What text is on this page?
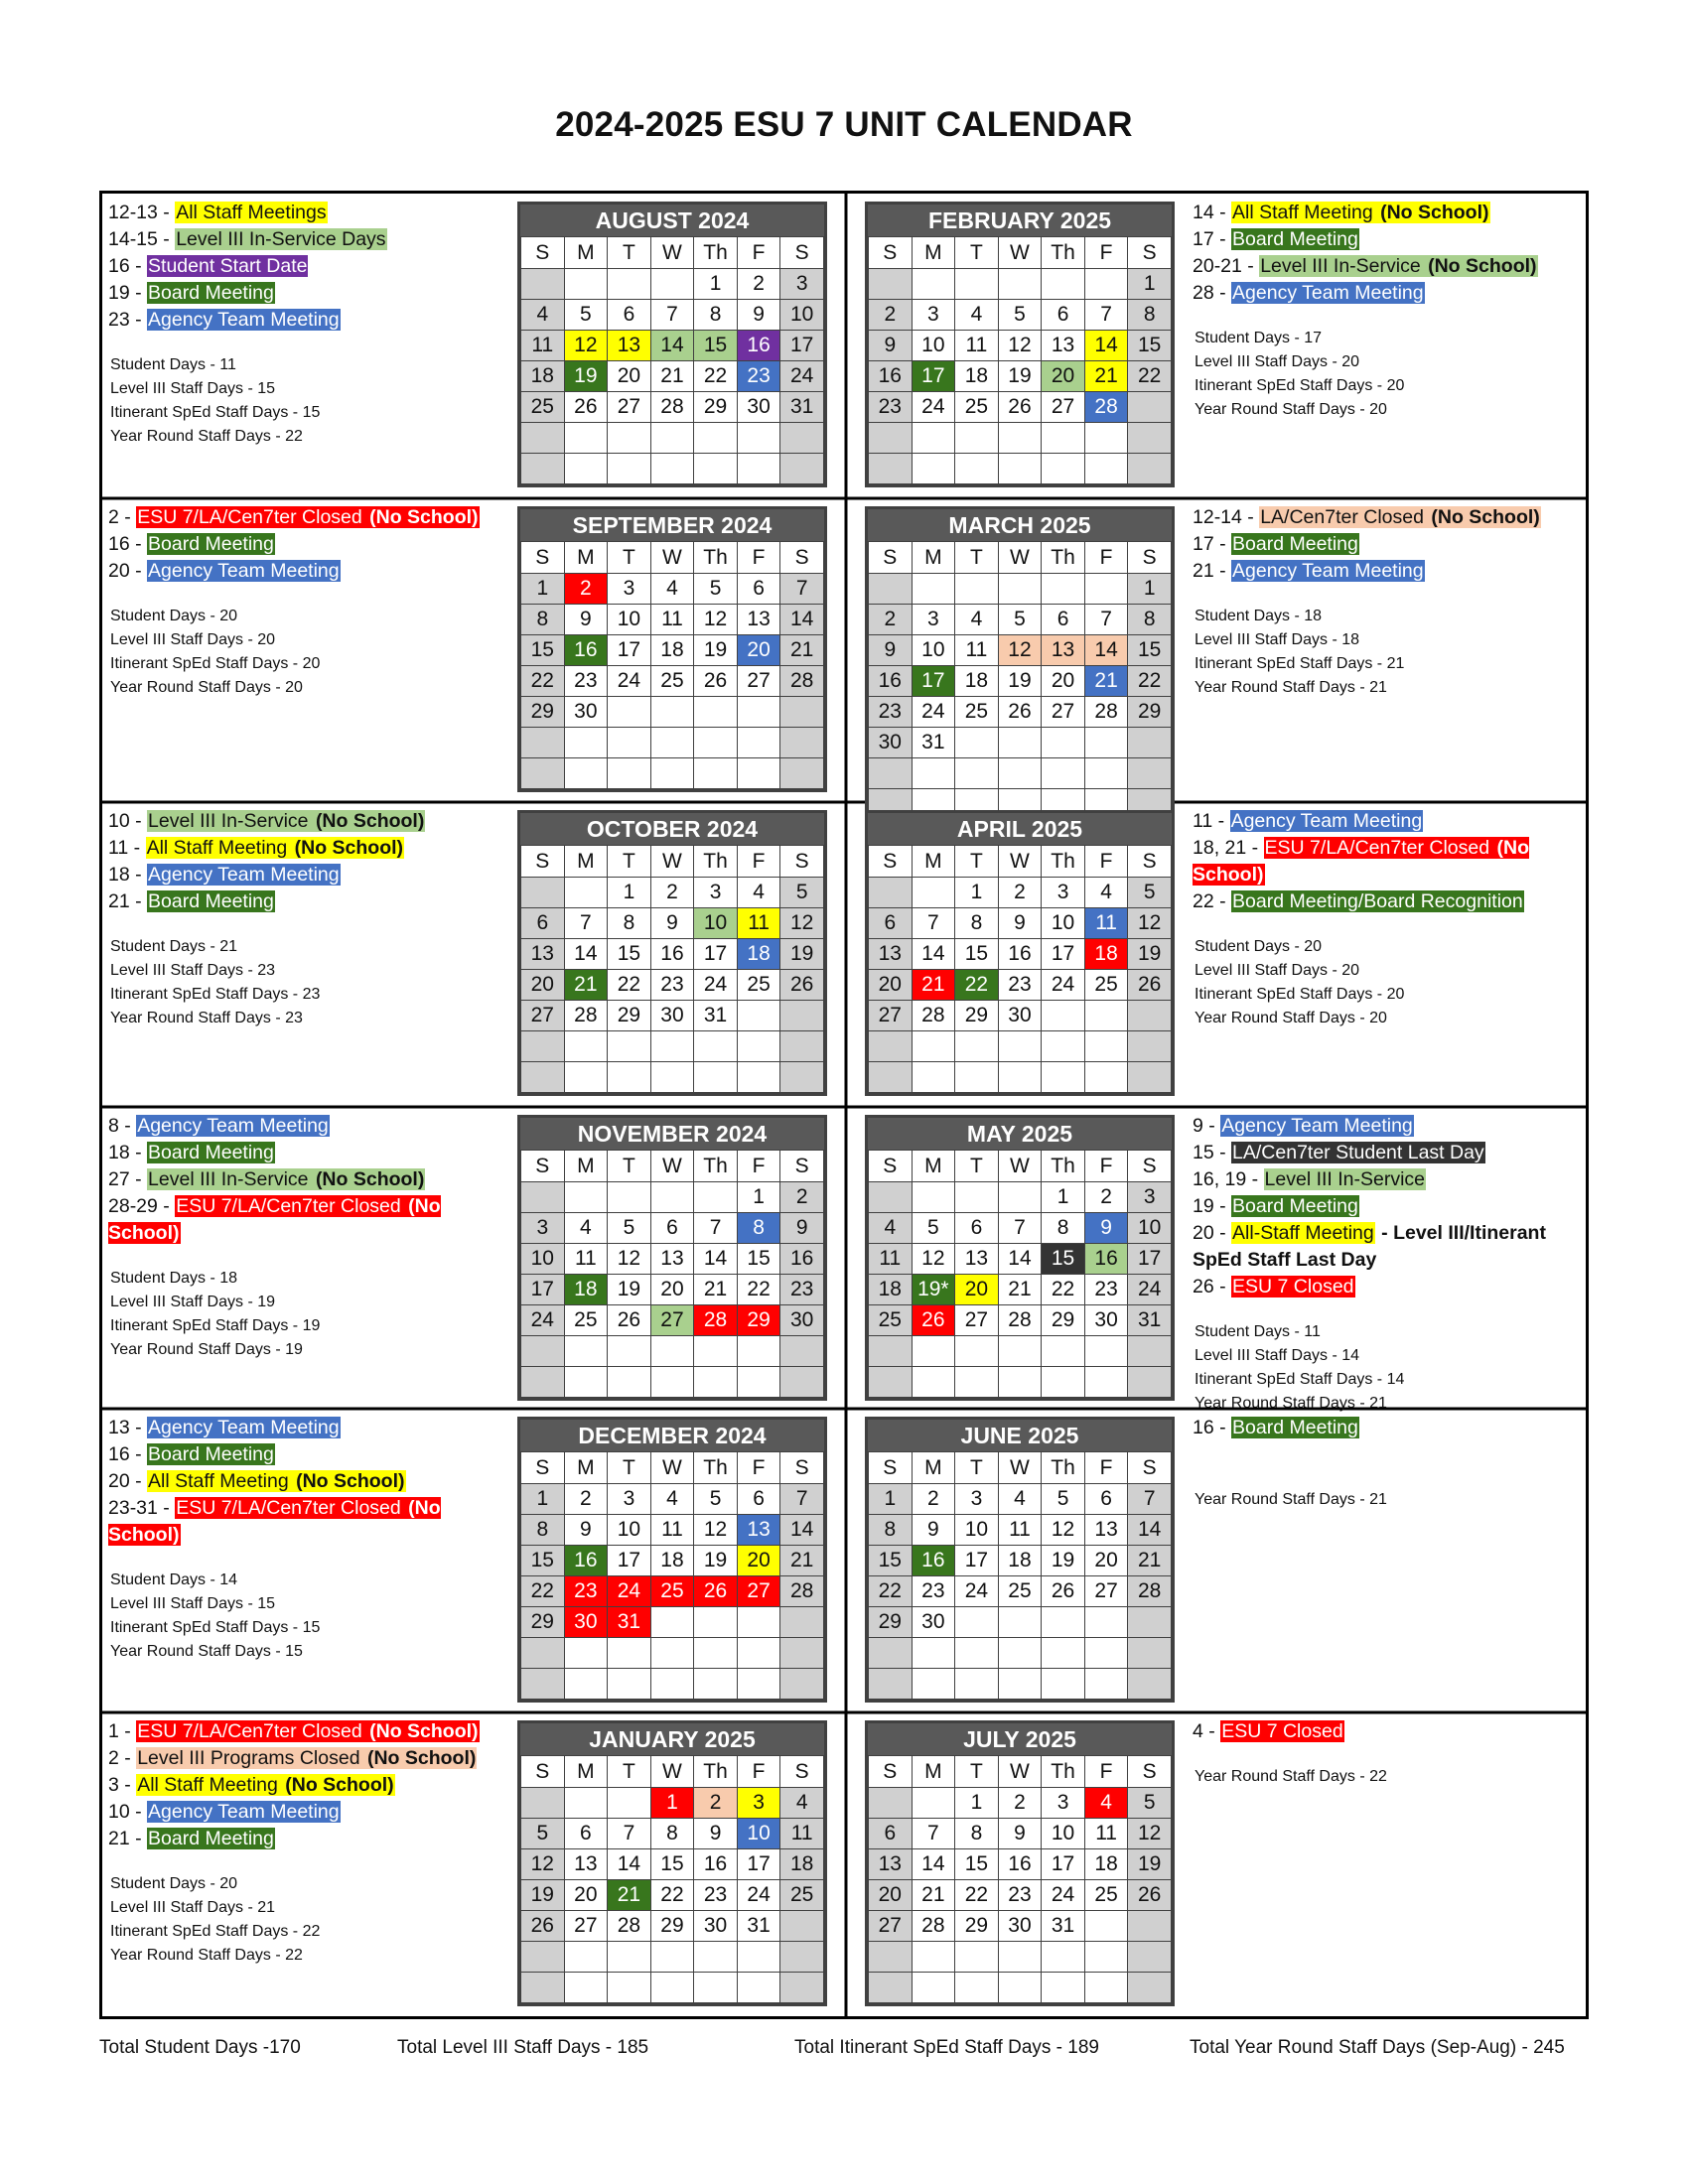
2024-2025 ESU 7 UNIT CALENDAR
12-13 - All Staff Meetings
14-15 - Level III In-Service Days
16 - Student Start Date
19 - Board Meeting
23 - Agency Team Meeting
Student Days - 11
Level III Staff Days - 15
Itinerant SpEd Staff Days - 15
Year Round Staff Days - 22
AUGUST 2024
S	M	T	W	Th	F	S
				1	2	3
4	5	6	7	8	9	10
11	12	13	14	15	16	17
18	19	20	21	22	23	24
25	26	27	28	29	30	31

14 - All Staff Meeting (No School)
17 - Board Meeting
20-21 - Level III In-Service (No School)
28 - Agency Team Meeting
Student Days - 17
Level III Staff Days - 20
Itinerant SpEd Staff Days - 20
Year Round Staff Days - 20
FEBRUARY 2025
S	M	T	W	Th	F	S
						1
2	3	4	5	6	7	8
9	10	11	12	13	14	15
16	17	18	19	20	21	22
23	24	25	26	27	28	

2 - ESU 7/LA/Cen7ter Closed (No School)
16 - Board Meeting
20 - Agency Team Meeting
Student Days - 20
Level III Staff Days - 20
Itinerant SpEd Staff Days - 20
Year Round Staff Days - 20
SEPTEMBER 2024
S	M	T	W	Th	F	S
1	2	3	4	5	6	7
8	9	10	11	12	13	14
15	16	17	18	19	20	21
22	23	24	25	26	27	28
29	30					

12-14 - LA/Cen7ter Closed (No School)
17 - Board Meeting
21 - Agency Team Meeting
Student Days - 18
Level III Staff Days - 18
Itinerant SpEd Staff Days - 21
Year Round Staff Days - 21
MARCH 2025
S	M	T	W	Th	F	S
						1
2	3	4	5	6	7	8
9	10	11	12	13	14	15
16	17	18	19	20	21	22
23	24	25	26	27	28	29
30	31					

10 - Level III In-Service (No School)
11 - All Staff Meeting (No School)
18 - Agency Team Meeting
21 - Board Meeting
Student Days - 21
Level III Staff Days - 23
Itinerant SpEd Staff Days - 23
Year Round Staff Days - 23
OCTOBER 2024
S	M	T	W	Th	F	S
		1	2	3	4	5
6	7	8	9	10	11	12
13	14	15	16	17	18	19
20	21	22	23	24	25	26
27	28	29	30	31		

11 - Agency Team Meeting
18, 21 - ESU 7/LA/Cen7ter Closed (No School)
22 - Board Meeting/Board Recognition
Student Days - 20
Level III Staff Days - 20
Itinerant SpEd Staff Days - 20
Year Round Staff Days - 20
APRIL 2025
S	M	T	W	Th	F	S
		1	2	3	4	5
6	7	8	9	10	11	12
13	14	15	16	17	18	19
20	21	22	23	24	25	26
27	28	29	30			

8 - Agency Team Meeting
18 - Board Meeting
27 - Level III In-Service (No School)
28-29 - ESU 7/LA/Cen7ter Closed (No School)
Student Days - 18
Level III Staff Days - 19
Itinerant SpEd Staff Days - 19
Year Round Staff Days - 19
NOVEMBER 2024
S	M	T	W	Th	F	S
					1	2
3	4	5	6	7	8	9
10	11	12	13	14	15	16
17	18	19	20	21	22	23
24	25	26	27	28	29	30

9 - Agency Team Meeting
15 - LA/Cen7ter Student Last Day
16, 19 - Level III In-Service
19 - Board Meeting
20 - All-Staff Meeting - Level III/Itinerant SpEd Staff Last Day
26 - ESU 7 Closed
Student Days - 11
Level III Staff Days - 14
Itinerant SpEd Staff Days - 14
Year Round Staff Days - 21
MAY 2025
S	M	T	W	Th	F	S
				1	2	3
4	5	6	7	8	9	10
11	12	13	14	15	16	17
18	19*	20	21	22	23	24
25	26	27	28	29	30	31

13 - Agency Team Meeting
16 - Board Meeting
20 - All Staff Meeting (No School)
23-31 - ESU 7/LA/Cen7ter Closed (No School)
Student Days - 14
Level III Staff Days - 15
Itinerant SpEd Staff Days - 15
Year Round Staff Days - 15
DECEMBER 2024
S	M	T	W	Th	F	S
1	2	3	4	5	6	7
8	9	10	11	12	13	14
15	16	17	18	19	20	21
22	23	24	25	26	27	28
29	30	31				

16 - Board Meeting
Year Round Staff Days - 21
JUNE 2025
S	M	T	W	Th	F	S
1	2	3	4	5	6	7
8	9	10	11	12	13	14
15	16	17	18	19	20	21
22	23	24	25	26	27	28
29	30					

1 - ESU 7/LA/Cen7ter Closed (No School)
2 - Level III Programs Closed (No School)
3 - All Staff Meeting (No School)
10 - Agency Team Meeting
21 - Board Meeting
Student Days - 20
Level III Staff Days - 21
Itinerant SpEd Staff Days - 22
Year Round Staff Days - 22
JANUARY 2025
S	M	T	W	Th	F	S
			1	2	3	4
5	6	7	8	9	10	11
12	13	14	15	16	17	18
19	20	21	22	23	24	25
26	27	28	29	30	31	

4 - ESU 7 Closed
Year Round Staff Days - 22
JULY 2025
S	M	T	W	Th	F	S
		1	2	3	4	5
6	7	8	9	10	11	12
13	14	15	16	17	18	19
20	21	22	23	24	25	26
27	28	29	30	31		

Total Student Days -170	Total Level III Staff Days - 185	Total Itinerant SpEd Staff Days - 189	Total Year Round Staff Days (Sep-Aug) - 245
